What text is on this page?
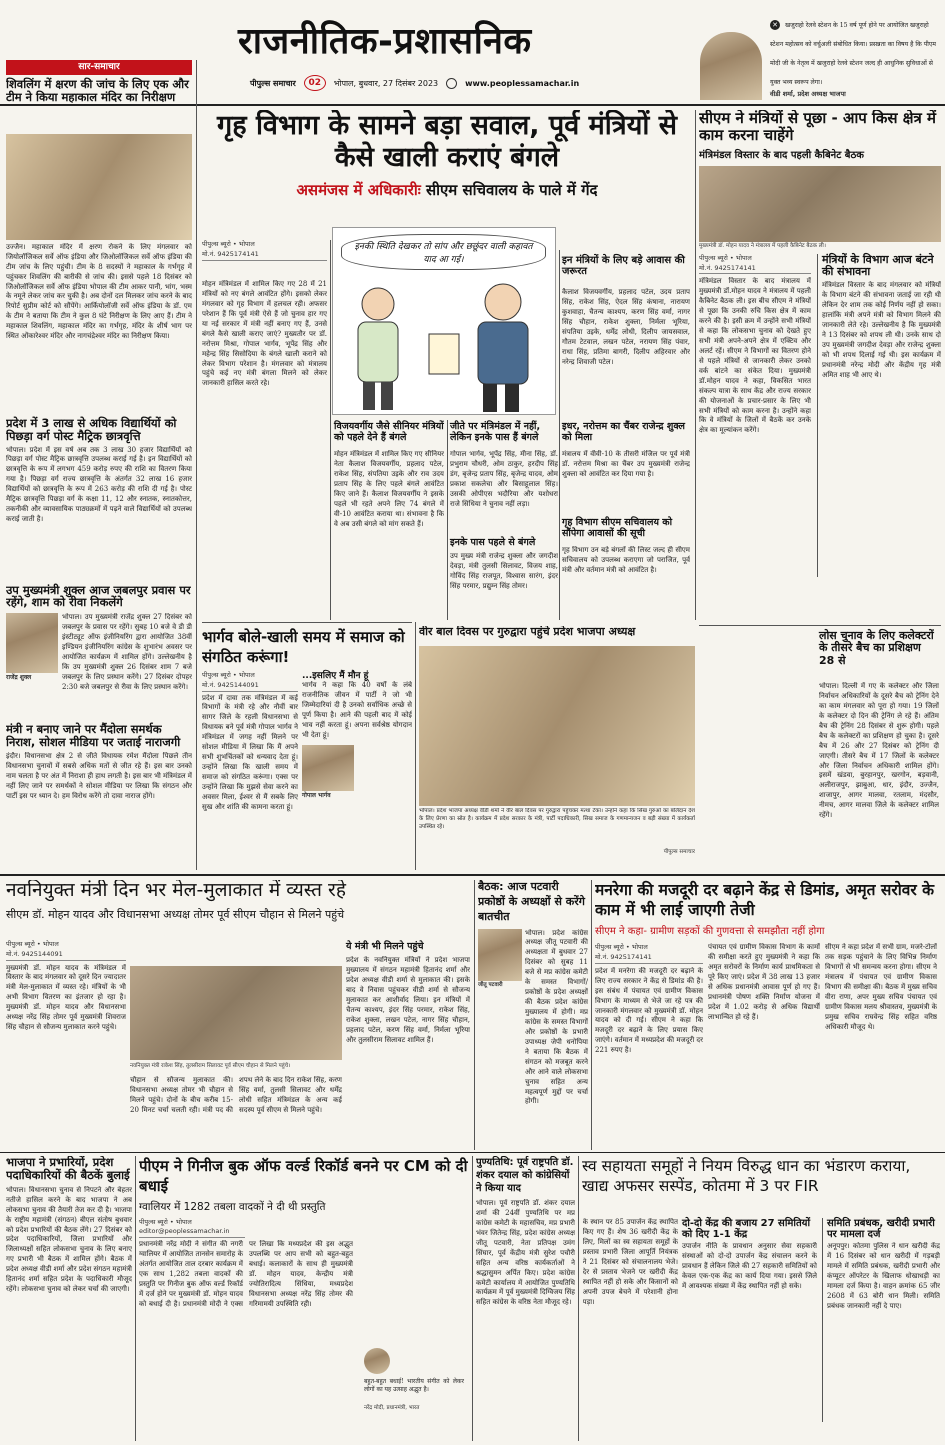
राजनीतिक-प्रशासनिक
पीपुल्स समाचार	02	भोपाल, बुधवार, 27 दिसंबर 2023	www.peoplessamachar.in
✕ खजुराहो रेलवे स्टेशन के 15 वर्ष पूर्ण होने पर आयोजित खजुराहो स्टेशन महोत्सव को वर्चुअली संबोधित किया। प्रसन्नता का विषय है कि पीएम मोदी जी के नेतृत्व में खजुराहो रेलवे स्टेशन जल्द ही आधुनिक सुविधाओं से युक्त भव्य स्वरूप लेगा।
वीडी शर्मा, प्रदेश अध्यक्ष भाजपा
सार-समाचार
शिवलिंग में क्षरण की जांच के लिए एक और टीम ने किया महाकाल मंदिर का निरीक्षण
उज्जैन। महाकाल मंदिर में क्षरण रोकने के लिए मंगलवार को जियोलॉजिकल सर्वे ऑफ इंडिया और जिओलॉजिकल सर्वे ऑफ इंडिया की टीम जांच के लिए पहुंची। टीम के 8 सदस्यों ने महाकाल के गर्भगृह में पहुंचकर शिवलिंग की बारीकी से जांच की। इससे पहले 18 दिसंबर को जिओलॉजिकल सर्वे ऑफ इंडिया भोपाल की टीम आकर पानी, भांग, भस्म के नमूने लेकर जांच कर चुकी है। अब दोनों दल मिलकर जांच करने के बाद रिपोर्ट सुप्रीम कोर्ट को सौंपेंगे। आर्कियोलॉजी सर्वे ऑफ इंडिया के डॉ. एम के टीम ने बताया कि टीम ने कुल 8 घंटे निरीक्षण के लिए आए हैं। टीम ने महाकाल शिवलिंग, महाकाल मंदिर का गर्भगृह, मंदिर के शीर्ष भाग पर स्थित ओंकारेश्वर मंदिर और नागचंद्रेश्वर मंदिर का निरीक्षण किया।
प्रदेश में 3 लाख से अधिक विद्यार्थियों को पिछड़ा वर्ग पोस्ट मैट्रिक छात्रवृत्ति
भोपाल। प्रदेश में इस वर्ष अब तक 3 लाख 30 हजार विद्यार्थियों को पिछड़ा वर्ग पोस्ट मैट्रिक छात्रवृत्ति उपलब्ध कराई गई है। इन विद्यार्थियों को छात्रवृत्ति के रूप में लगभग 459 करोड़ रुपए की राशि का वितरण किया गया है। पिछड़ा वर्ग राज्य छात्रवृत्ति के अंतर्गत 32 लाख 16 हजार विद्यार्थियों को छात्रवृत्ति के रूप में 263 करोड़ की राशि दी गई है। पोस्ट मैट्रिक छात्रवृत्ति पिछड़ा वर्ग के कक्षा 11, 12 और स्नातक, स्नातकोत्तर, तकनीकी और व्यावसायिक पाठ्यक्रमों में पढ़ने वाले विद्यार्थियों को उपलब्ध कराई जाती है।
उप मुख्यमंत्री शुक्ल आज जबलपुर प्रवास पर रहेंगे, शाम को रीवा निकलेंगे
राजेंद्र शुक्ल
भोपाल। उप मुख्यमंत्री राजेंद्र शुक्ल 27 दिसंबर को जबलपुर के प्रवास पर रहेंगे। सुबह 10 बजे वे डी डी इंस्टीट्यूट ऑफ इंजीनियरिंग द्वारा आयोजित 38वीं इण्डियन इंजीनियरिंग कांग्रेस के शुभारंभ अवसर पर आयोजित कार्यक्रम में शामिल होंगे। उल्लेखनीय है कि उप मुख्यमंत्री शुक्ल 26 दिसंबर शाम 7 बजे जबलपुर के लिए प्रस्थान करेंगे। 27 दिसंबर दोपहर 2:30 बजे जबलपुर से रीवा के लिए प्रस्थान करेंगे।
मंत्री न बनाए जाने पर मैंदोला समर्थक निराश, सोशल मीडिया पर जताई नाराजगी
इंदौर। विधानसभा क्षेत्र 2 से जीते विधायक रमेश मैंदोला पिछले तीन विधानसभा चुनावों में सबसे अधिक मतों से जीत रहे हैं। इस बार उनको नाम चलता है पर अंत में निराशा ही हाथ लगती है। इस बार भी मंत्रिमंडल में नहीं लिए जाने पर समर्थकों ने सोशल मीडिया पर लिखा कि संगठन और पार्टी इस पर ध्यान दे। हम विरोध करेंगे तो दावा नाराज होंगे।
गृह विभाग के सामने बड़ा सवाल, पूर्व मंत्रियों से कैसे खाली कराएं बंगले
असमंजस में अधिकारीः सीएम सचिवालय के पाले में गेंद
पीपुल्स ब्यूरो • भोपाल
मो.नं. 9425174141
इनकी स्थिति देखकर तो सांप और छछूंदर वाली कहावत याद आ गई।
मोहन मंत्रिमंडल में शामिल किए गए 28 में 21 मंत्रियों को नए बंगले आवंटित होंगे। इसको लेकर मंगलवार को गृह विभाग में हलचल रही। अफसर परेशान हैं कि पूर्व मंत्री ऐसे हैं जो चुनाव हार गए या नई सरकार में मंत्री नहीं बनाए गए हैं, उनसे बंगले कैसे खाली कराए जाएं? मुख्यतौर पर डॉ. नरोत्तम मिश्रा, गोपाल भार्गव, भूपेंद्र सिंह और महेन्द्र सिंह सिसोदिया के बंगले खाली कराने को लेकर विभाग परेशान है। मंगलवार को मंत्रालय पहुंचे कई नए मंत्री बंगला मिलने को लेकर जानकारी हासिल करते रहे।
इन मंत्रियों के लिए बड़े आवास की जरूरत
कैलाश विजयवर्गीय, प्रहलाद पटेल, उदय प्रताप सिंह, राकेश सिंह, ऐदल सिंह कंषाना, नारायण कुशवाहा, चैतन्य काश्यप, करण सिंह वर्मा, नागर सिंह चौहान, राकेश शुक्ला, निर्मला भूरिया, संपतिया उइके, धर्मेंद्र लोधी, दिलीप जायसवाल, गौतम टेटवाल, लखन पटेल, नरायण सिंह पंवार, राधा सिंह, प्रतिमा बागरी, दिलीप अहिरवार और नरेन्द्र शिवाजी पटेल।
विजयवर्गीय जैसे सीनियर मंत्रियों को पहले देने हैं बंगले
मोहन मंत्रिमंडल में शामिल किए गए सीनियर नेता कैलाश विजयवर्गीय, प्रहलाद पटेल, राकेश सिंह, संपतिया उइके और राव उदय प्रताप सिंह के लिए पहले बंगले आवंटित किए जाने हैं। कैलाश विजयवर्गीय ने इसके पहले भी रहते अपने लिए 74 बंगले में वी-10 आवंटित कराया था। संभावना है कि वे अब उसी बंगले को मांग सकते हैं।
जीते पर मंत्रिमंडल में नहीं, लेकिन इनके पास हैं बंगले
गोपाल भार्गव, भूपेंद्र सिंह, मीना सिंह, डॉ. प्रभुराम चौधरी, ओम ठाकुर, हरदीप सिंह डंग, बृजेन्द्र प्रताप सिंह, बृजेन्द्र यादव, ओम प्रकाश सकलेचा और बिसाहूलाल सिंह। उसकी ओपीएस भदौरिया और यशोधरा राजे सिंधिया ने चुनाव नहीं लड़ा।
इनके पास पहले से बंगले
उप मुख्य मंत्री राजेन्द्र शुक्ला और जगदीश देवड़ा, मंत्री तुलसी सिलावट, विजय शाह, गोविंद सिंह राजपूत, विश्वास सारंग, इंदर सिंह परमार, प्रद्युम्न सिंह तोमर।
इधर, नरोत्तम का चैंबर राजेन्द्र शुक्ल को मिला
मंत्रालय में वीवी-10 के तीसरी मंजिल पर पूर्व मंत्री डॉ. नरोत्तम मिश्रा का चैंबर उप मुख्यमंत्री राजेन्द्र शुक्ला को आवंटित कर दिया गया है।
गृह विभाग सीएम सचिवालय को सौंपेगा आवासों की सूची
गृह विभाग उन बड़े बंगलों की लिस्ट जल्द ही सीएम सचिवालय को उपलब्ध कराएगा जो पराजित, पूर्व मंत्री और वर्तमान मंत्री को आवंटित है।
सीएम ने मंत्रियों से पूछा - आप किस क्षेत्र में काम करना चाहेंगे
मंत्रिमंडल विस्तार के बाद पहली कैबिनेट बैठक
मुख्यमंत्री डॉ. मोहन यादव ने मंत्रालय में पहली कैबिनेट बैठक ली।
पीपुल्स ब्यूरो • भोपाल
मो.नं. 9425174141
मंत्रिमंडल विस्तार के बाद मंत्रालय में मुख्यमंत्री डॉ.मोहन यादव ने मंत्रालय में पहली कैबिनेट बैठक ली। इस बीच सीएम ने मंत्रियों से पूछा कि उनकी रुचि किस क्षेत्र में काम करने की है। इसी क्रम में उन्होंने सभी मंत्रियों से कहा कि लोकसभा चुनाव को देखते हुए सभी मंत्री अपने-अपने क्षेत्र में एक्टिव और अलर्ट रहें। सीएम ने विभागों का वितरण होने से पहले मंत्रियों से जानकारी लेकर उनको वर्क बांटने का संकेत दिया। मुख्यमंत्री डॉ.मोहन यादव ने कहा, विकसित भारत संकल्प यात्रा के साथ केंद्र और राज्य सरकार की योजनाओं के प्रचार-प्रसार के लिए भी सभी मंत्रियों को काम करना है। उन्होंने कहा कि वे मंत्रियों के जिलों में बैठकें कर उनके क्षेत्र का मूल्यांकन करेंगे।
मंत्रियों के विभाग आज बंटने की संभावना
मंत्रिमंडल विस्तार के बाद मंगलवार को मंत्रियों के विभाग बंटने की संभावना जताई जा रही थी लेकिन देर शाम तक कोई निर्णय नहीं हो सका। हालांकि मंत्री अपने मंत्री को विभाग मिलने की जानकारी लेते रहे। उल्लेखनीय है कि मुख्यमंत्री ने 13 दिसंबर को शपथ ली थी। उनके साथ दो उप मुख्यमंत्री जगदीश देवड़ा और राजेन्द्र शुक्ला को भी शपथ दिलाई गई थी। इस कार्यक्रम में प्रधानमंत्री नरेन्द्र मोदी और केंद्रीय गृह मंत्री अमित शाह भी आए थे।
लोस चुनाव के लिए कलेक्टरों के तीसरे बैच का प्रशिक्षण 28 से
भोपाल। दिल्ली में गए के कलेक्टर और जिला निर्वाचन अधिकारियों के दूसरे बैच को ट्रेनिंग देने का काम मंगलवार को पूरा हो गया। 19 जिलों के कलेक्टर दो दिन की ट्रेनिंग ले रहे हैं। अंतिम बैच की ट्रेनिंग 28 दिसंबर से शुरू होगी। पहले बैच के कलेक्टरों का प्रशिक्षण हो चुका है। दूसरे बैच में 26 और 27 दिसंबर को ट्रेनिंग दी जाएगी। तीसरे बैच में 17 जिलों के कलेक्टर और जिला निर्वाचन अधिकारी शामिल होंगे। इसमें खंडवा, बुरहानपुर, खरगोन, बड़वानी, अलीराजपुर, झाबुआ, धार, इंदौर, उज्जैन, शाजापुर, आगर मालवा, रतलाम, मंदसौर, नीमच, आगर मालवा जिले के कलेक्टर शामिल रहेंगे।
भार्गव बोले-खाली समय में समाज को संगठित करूंगा!
पीपुल्स ब्यूरो • भोपाल
मो.नं. 9425144091
प्रदेश में दावा तक मंत्रिमंडल में कई विभागों के मंत्री रहे और नौवीं बार सागर जिले के रहली विधानसभा से विधायक बने पूर्व मंत्री गोपाल भार्गव ने मंत्रिमंडल में जगह नहीं मिलने पर सोशल मीडिया में लिखा कि मैं अपने सभी शुभचिंतकों को धन्यवाद देता हूं। उन्होंने लिखा कि खाली समय में समाज को संगठित करूंगा। एक्स पर उन्होंने लिखा कि मुझसे सेवा करने का अवसर मिला, ईश्वर से मैं सबके लिए सुख और शांति की कामना करता हूं।
...इसलिए मैं मौन हूं
भार्गव ने कहा कि 40 वर्षों के लंबे राजनीतिक जीवन में पार्टी ने जो भी जिम्मेदारियां दी है उनको सर्वाधिक अच्छे से पूर्ण किया है। आने की पहली बाद में कोई भाव नहीं करता हूं। अपना सर्वश्रेष्ठ योगदान भी देता हूं।
गोपाल भार्गव
वीर बाल दिवस पर गुरुद्वारा पहुंचे प्रदेश भाजपा अध्यक्ष
भोपाल। प्रदेश भाजपा अध्यक्ष वीडी शर्मा ने वीर बाल दिवस पर गुरुद्वारा पहुंचकर मत्था टेका। उन्होंने कहा कि सिख गुरुओं का बलिदान देश के लिए प्रेरणा का स्रोत है। कार्यक्रम में प्रदेश सरकार के मंत्री, पार्टी पदाधिकारी, सिख समाज के गणमान्यजन व बड़ी संख्या में कार्यकर्ता उपस्थित रहे।
पीपुल्स समाचार
नवनियुक्त मंत्री दिन भर मेल-मुलाकात में व्यस्त रहे
सीएम डॉ. मोहन यादव और विधानसभा अध्यक्ष तोमर पूर्व सीएम चौहान से मिलने पहुंचे
पीपुल्स ब्यूरो • भोपाल
मो.नं. 9425144091
मुख्यमंत्री डॉ. मोहन यादव के मंत्रिमंडल में विस्तार के बाद मंगलवार को दूसरे दिन ज्यादातर मंत्री मेल-मुलाकात में व्यस्त रहे। मंत्रियों के भी अभी विभाग वितरण का इंतजार हो रहा है। मुख्यमंत्री डॉ. मोहन यादव और विधानसभा अध्यक्ष नरेंद्र सिंह तोमर पूर्व मुख्यमंत्री शिवराज सिंह चौहान से सौजन्य मुलाकात करने पहुंचे।
नवनियुक्त मंत्री राकेश सिंह, तुलसीराम सिलावट पूर्व सीएम चौहान से मिलने पहुंचे।
चौहान से सौजन्य मुलाकात की। विधानसभा अध्यक्ष तोमर भी चौहान से मिलने पहुंचे। दोनों के बीच करीब 15-20 मिनट चर्चा चलती रही। मंत्री पद की शपथ लेने के बाद दिन राकेश सिंह, करण सिंह वर्मा, तुलसी सिलावट और धर्मेंद्र लोधी सहित मंत्रिमंडल के अन्य कई सदस्य पूर्व सीएम से मिलने पहुंचे।
ये मंत्री भी मिलने पहुंचे
प्रदेश के नवनियुक्त मंत्रियों ने प्रदेश भाजपा मुख्यालय में संगठन महामंत्री हितानंद शर्मा और प्रदेश अध्यक्ष वीडी शर्मा से मुलाकात की। इसके बाद वे निवास पहुंचकर वीडी शर्मा से सौजन्य मुलाकात कर आशीर्वाद लिया। इन मंत्रियों में चैतन्य काश्यप, इंदर सिंह परमार, राकेश सिंह, राकेश शुक्ला, लखन पटेल, नागर सिंह चौहान, प्रहलाद पटेल, करण सिंह वर्मा, निर्मला भूरिया और तुलसीराम सिलावट शामिल हैं।
बैठक: आज पटवारी प्रकोष्ठों के अध्यक्षों से करेंगे बातचीत
जीतू पटवारी
भोपाल। प्रदेश कांग्रेस अध्यक्ष जीतू पटवारी की अध्यक्षता में बुधवार 27 दिसंबर को सुबह 11 बजे से मप्र कांग्रेस कमेटी के समस्त विभागों/प्रकोष्ठों के प्रदेश अध्यक्षों की बैठक प्रदेश कांग्रेस मुख्यालय में होगी। मप्र कांग्रेस के समस्त विभागों और प्रकोष्ठों के प्रभारी उपाध्यक्ष जेपी धनोपिया ने बताया कि बैठक में संगठन को मजबूत करने और आने वाले लोकसभा चुनाव सहित अन्य महत्वपूर्ण मुद्दों पर चर्चा होगी।
मनरेगा की मजदूरी दर बढ़ाने केंद्र से डिमांड, अमृत सरोवर के काम में भी लाई जाएगी तेजी
सीएम ने कहा- ग्रामीण सड़कों की गुणवत्ता से समझौता नहीं होगा
पीपुल्स ब्यूरो • भोपाल
मो.नं. 9425174141
प्रदेश में मनरेगा की मजदूरी दर बढ़ाने के लिए राज्य सरकार ने केंद्र से डिमांड की है। इस संबंध में पंचायत एवं ग्रामीण विकास विभाग के माध्यम से भेजे जा रहे पत्र की जानकारी मंगलवार को मुख्यमंत्री डॉ. मोहन यादव को दी गई। सीएम ने कहा कि मजदूरी दर बढ़ाने के लिए प्रयास किए जाएंगे। वर्तमान में मध्यप्रदेश की मजदूरी दर 221 रुपए है।
पंचायत एवं ग्रामीण विकास विभाग के कामों की समीक्षा करते हुए मुख्यमंत्री ने कहा कि अमृत सरोवरों के निर्माण कार्य प्राथमिकता से पूरे किए जाएं। प्रदेश में 38 लाख 13 हजार से अधिक प्रधानमंत्री आवास पूर्ण हो गए हैं। प्रधानमंत्री पोषण शक्ति निर्माण योजना में प्रदेश में 1.02 करोड़ से अधिक विद्यार्थी लाभान्वित हो रहे हैं।
सीएम ने कहा प्रदेश में सभी ग्राम, मजरे-टोलों तक सड़क पहुंचाने के लिए विभिन्न निर्माण विभागों से भी समन्वय करना होगा। सीएम ने मंत्रालय में पंचायत एवं ग्रामीण विकास विभाग की समीक्षा की। बैठक में मुख्य सचिव वीरा राणा, अपर मुख्य सचिव पंचायत एवं ग्रामीण विकास मलय श्रीवास्तव, मुख्यमंत्री के प्रमुख सचिव राघवेन्द्र सिंह सहित वरिष्ठ अधिकारी मौजूद थे।
भाजपा ने प्रभारियों, प्रदेश पदाधिकारियों की बैठकें बुलाई
भोपाल। विधानसभा चुनाव से निपटने और बेहतर नतीजे हासिल करने के बाद भाजपा ने अब लोकसभा चुनाव की तैयारी तेज कर दी है। भाजपा के राष्ट्रीय महामंत्री (संगठन) बीएल संतोष बुधवार को प्रदेश प्रभारियों की बैठक लेंगे। 27 दिसंबर को प्रदेश पदाधिकारियों, जिला प्रभारियों और जिलाध्यक्षों सहित लोकसभा चुनाव के लिए बनाए गए प्रभारी भी बैठक में शामिल होंगे। बैठक में प्रदेश अध्यक्ष वीडी शर्मा और प्रदेश संगठन महामंत्री हितानंद शर्मा सहित प्रदेश के पदाधिकारी मौजूद रहेंगे। लोकसभा चुनाव को लेकर चर्चा की जाएगी।
पीएम ने गिनीज बुक ऑफ वर्ल्ड रिकॉर्ड बनने पर CM को दी बधाई
ग्वालियर में 1282 तबला वादकों ने दी थी प्रस्तुति
पीपुल्स ब्यूरो • भोपाल
editor@peoplessamachar.in
प्रधानमंत्री नरेंद्र मोदी ने संगीत की नगरी ग्वालियर में आयोजित तानसेन समारोह के अंतर्गत आयोजित ताल दरबार कार्यक्रम में एक साथ 1,282 तबला वादकों की प्रस्तुति पर गिनीज बुक ऑफ वर्ल्ड रिकॉर्ड में दर्ज होने पर मुख्यमंत्री डॉ. मोहन यादव को बधाई दी है। प्रधानमंत्री मोदी ने एक्स पर लिखा कि मध्यप्रदेश की इस अद्भुत उपलब्धि पर आप सभी को बहुत-बहुत बधाई। कलाकारों के साथ ही मुख्यमंत्री डॉ. मोहन यादव, केन्द्रीय मंत्री ज्योतिरादित्य सिंधिया, मध्यप्रदेश विधानसभा अध्यक्ष नरेंद्र सिंह तोमर की गरिमामयी उपस्थिति रही।
बहुत-बहुत बधाई! भारतीय संगीत को लेकर लोगों का यह उत्साह अद्भुत है।
नरेंद्र मोदी, प्रधानमंत्री, भारत
पुण्यतिथि: पूर्व राष्ट्रपति डॉ. शंकर दयाल को कांग्रेसियों ने किया याद
भोपाल। पूर्व राष्ट्रपति डॉ. शंकर दयाल शर्मा की 24वीं पुण्यतिथि पर मप्र कांग्रेस कमेटी के महासचिव, मप्र प्रभारी भंवर जितेन्द्र सिंह, प्रदेश कांग्रेस अध्यक्ष जीतू पटवारी, नेता प्रतिपक्ष उमंग सिंघार, पूर्व केंद्रीय मंत्री सुरेश पचौरी सहित अन्य वरिष्ठ कार्यकर्ताओं ने श्रद्धासुमन अर्पित किए। प्रदेश कांग्रेस कमेटी कार्यालय में आयोजित पुण्यतिथि कार्यक्रम में पूर्व मुख्यमंत्री दिग्विजय सिंह सहित कांग्रेस के वरिष्ठ नेता मौजूद रहे।
स्व सहायता समूहों ने नियम विरुद्ध धान का भंडारण कराया, खाद्य अफसर सस्पेंड, कोतमा में 3 पर FIR
के स्थान पर 85 उपार्जन केंद्र स्थापित किए गए हैं। शेष 36 खरीदी केंद्र के लिए, मिलों का स्व सहायता समूहों के प्रस्ताव प्रभारी जिला आपूर्ति नियंत्रक ने 21 दिसंबर को संचालनालय भेजे। देर से प्रस्ताव भेजने पर खरीदी केंद्र स्थापित नहीं हो सके और किसानों को अपनी उपज बेचने में परेशानी होना पड़ा।
दो-दो केंद्र की बजाय 27 समितियों को दिए 1-1 केंद्र
उपार्जन नीति के प्रावधान अनुसार सेवा सहकारी संस्थाओं को दो-दो उपार्जन केंद्र संचालन करने के प्रावधान हैं लेकिन जिले की 27 सहकारी समितियों को केवल एक-एक केंद्र का कार्य दिया गया। इससे जिले में आवश्यक संख्या में केंद्र स्थापित नहीं हो सके।
समिति प्रबंधक, खरीदी प्रभारी पर मामला दर्ज
अनूपपुर। कोतमा पुलिस ने धान खरीदी केंद्र में 16 दिसंबर को धान खरीदी में गड़बड़ी मामले में समिति प्रबंधक, खरीदी प्रभारी और कंप्यूटर ऑपरेटर के खिलाफ धोखाधड़ी का मामला दर्ज किया है। वाहन क्रमांक 65 जीर 2608 में 63 बोरी धान मिली। समिति प्रबंधक जानकारी नहीं दे पाए।
